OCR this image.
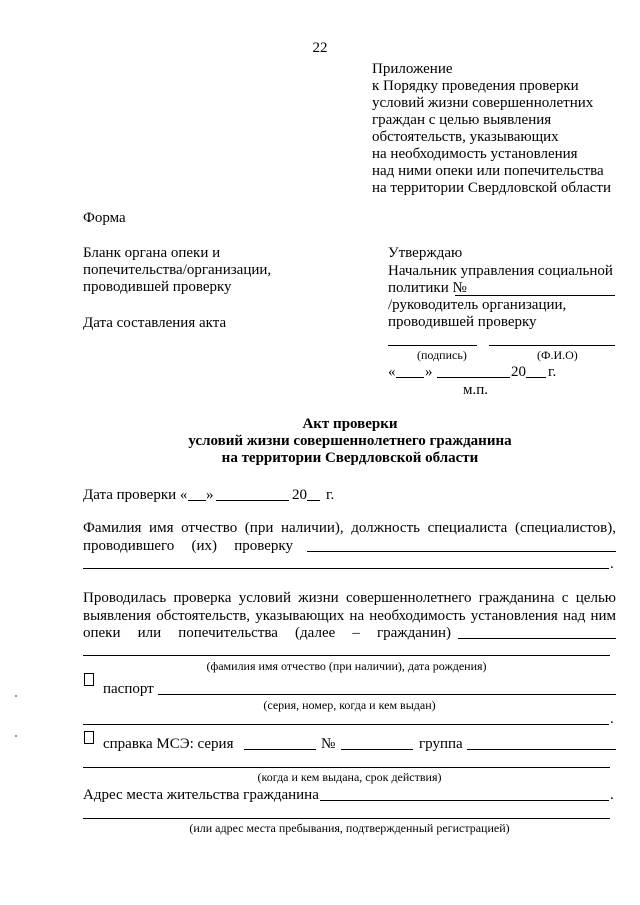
22
Приложение
к Порядку проведения проверки
условий жизни совершеннолетних
граждан с целью выявления
обстоятельств, указывающих
на необходимость установления
над ними опеки или попечительства
на территории Свердловской области
Форма
Бланк органа опеки и
попечительства/организации,
проводившей проверку
Дата составления акта
Утверждаю
Начальник управления социальной
политики №
/руководитель организации,
проводившей проверку
(подпись)	(Ф.И.О)
« »	20 г.
м.п.
Акт проверки
условий жизни совершеннолетнего гражданина
на территории Свердловской области
Дата проверки « »	20 г.
Фамилия имя отчество (при наличии), должность специалиста (специалистов),
проводившего (их) проверку
.
Проводилась проверка условий жизни совершеннолетнего гражданина с целью
выявления обстоятельств, указывающих на необходимость установления над ним
опеки или попечительства (далее – гражданин)
(фамилия имя отчество (при наличии), дата рождения)
паспорт
(серия, номер, когда и кем выдан)
.
справка МСЭ: серия	№	группа
(когда и кем выдана, срок действия)
Адрес места жительства гражданина	.
(или адрес места пребывания, подтвержденный регистрацией)
